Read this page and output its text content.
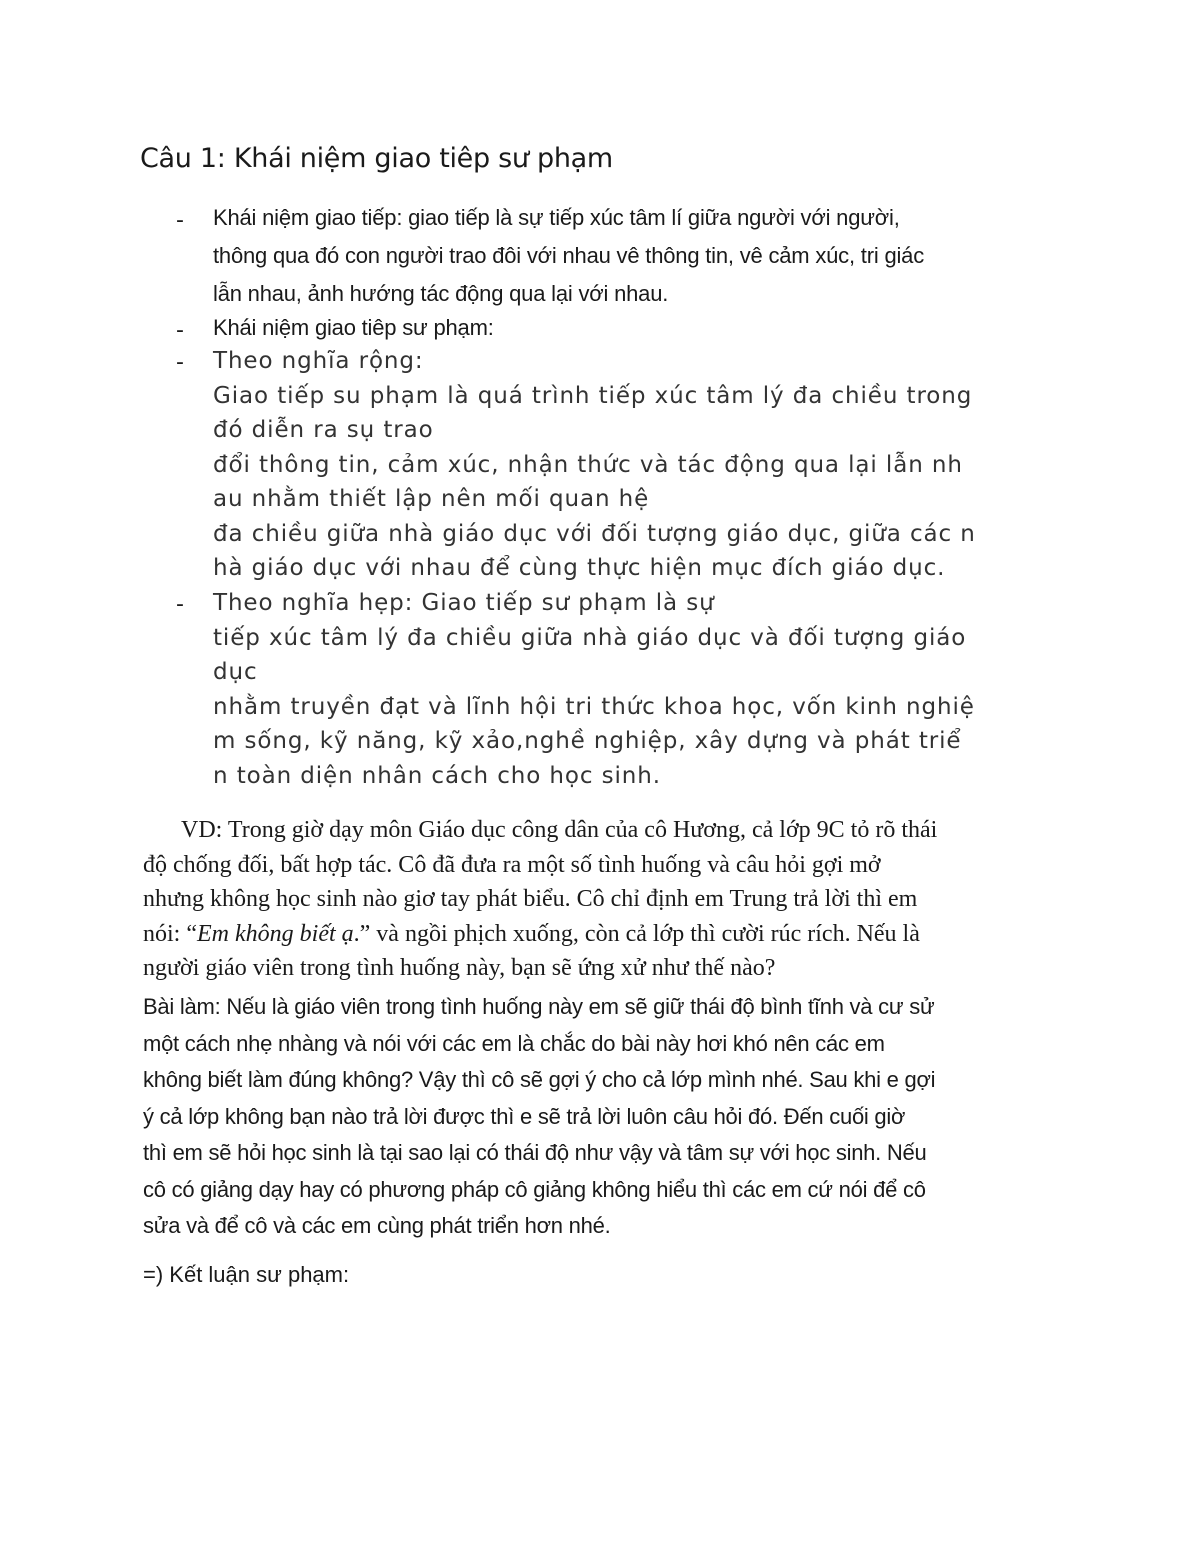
Câu 1: Khái niệm giao tiêp sư phạm
- Khái niệm giao tiếp: giao tiếp là sự tiếp xúc tâm lí giữa người với người,
thông qua đó con người trao đôi với nhau vê thông tin, vê cảm xúc, tri giác
lẫn nhau, ảnh hướng tác động qua lại với nhau.
- Khái niệm giao tiêp sư phạm:
- Theo nghĩa rộng:
Giao tiếp su phạm là quá trình tiếp xúc tâm lý đa chiều trong
đó diễn ra sụ trao
đổi thông tin, cảm xúc, nhận thức và tác động qua lại lẫn nh
au nhằm thiết lập nên mối quan hệ
đa chiều giữa nhà giáo dục với đối tượng giáo dục, giữa các n
hà giáo dục với nhau để cùng thực hiện mục đích giáo dục.
- Theo nghĩa hẹp: Giao tiếp sư phạm là sự
tiếp xúc tâm lý đa chiều giữa nhà giáo dục và đối tượng giáo
dục
nhằm truyền đạt và lĩnh hội tri thức khoa học, vốn kinh nghiệ
m sống, kỹ năng, kỹ xảo,nghề nghiệp, xây dựng và phát triể
n toàn diện nhân cách cho học sinh.
VD: Trong giờ dạy môn Giáo dục công dân của cô Hương, cả lớp 9C tỏ rõ thái
độ chống đối, bất hợp tác. Cô đã đưa ra một số tình huống và câu hỏi gợi mở
nhưng không học sinh nào giơ tay phát biểu. Cô chỉ định em Trung trả lời thì em
nói: “Em không biết ạ.” và ngồi phịch xuống, còn cả lớp thì cười rúc rích. Nếu là
người giáo viên trong tình huống này, bạn sẽ ứng xử như thế nào?
Bài làm: Nếu là giáo viên trong tình huống này em sẽ giữ thái độ bình tĩnh và cư sử
một cách nhẹ nhàng và nói với các em là chắc do bài này hơi khó nên các em
không biết làm đúng không? Vậy thì cô sẽ gợi ý cho cả lớp mình nhé. Sau khi e gợi
ý cả lớp không bạn nào trả lời được thì e sẽ trả lời luôn câu hỏi đó. Đến cuối giờ
thì em sẽ hỏi học sinh là tại sao lại có thái độ như vậy và tâm sự với học sinh. Nếu
cô có giảng dạy hay có phương pháp cô giảng không hiểu thì các em cứ nói để cô
sửa và để cô và các em cùng phát triển hơn nhé.
=) Kết luận sư phạm:
